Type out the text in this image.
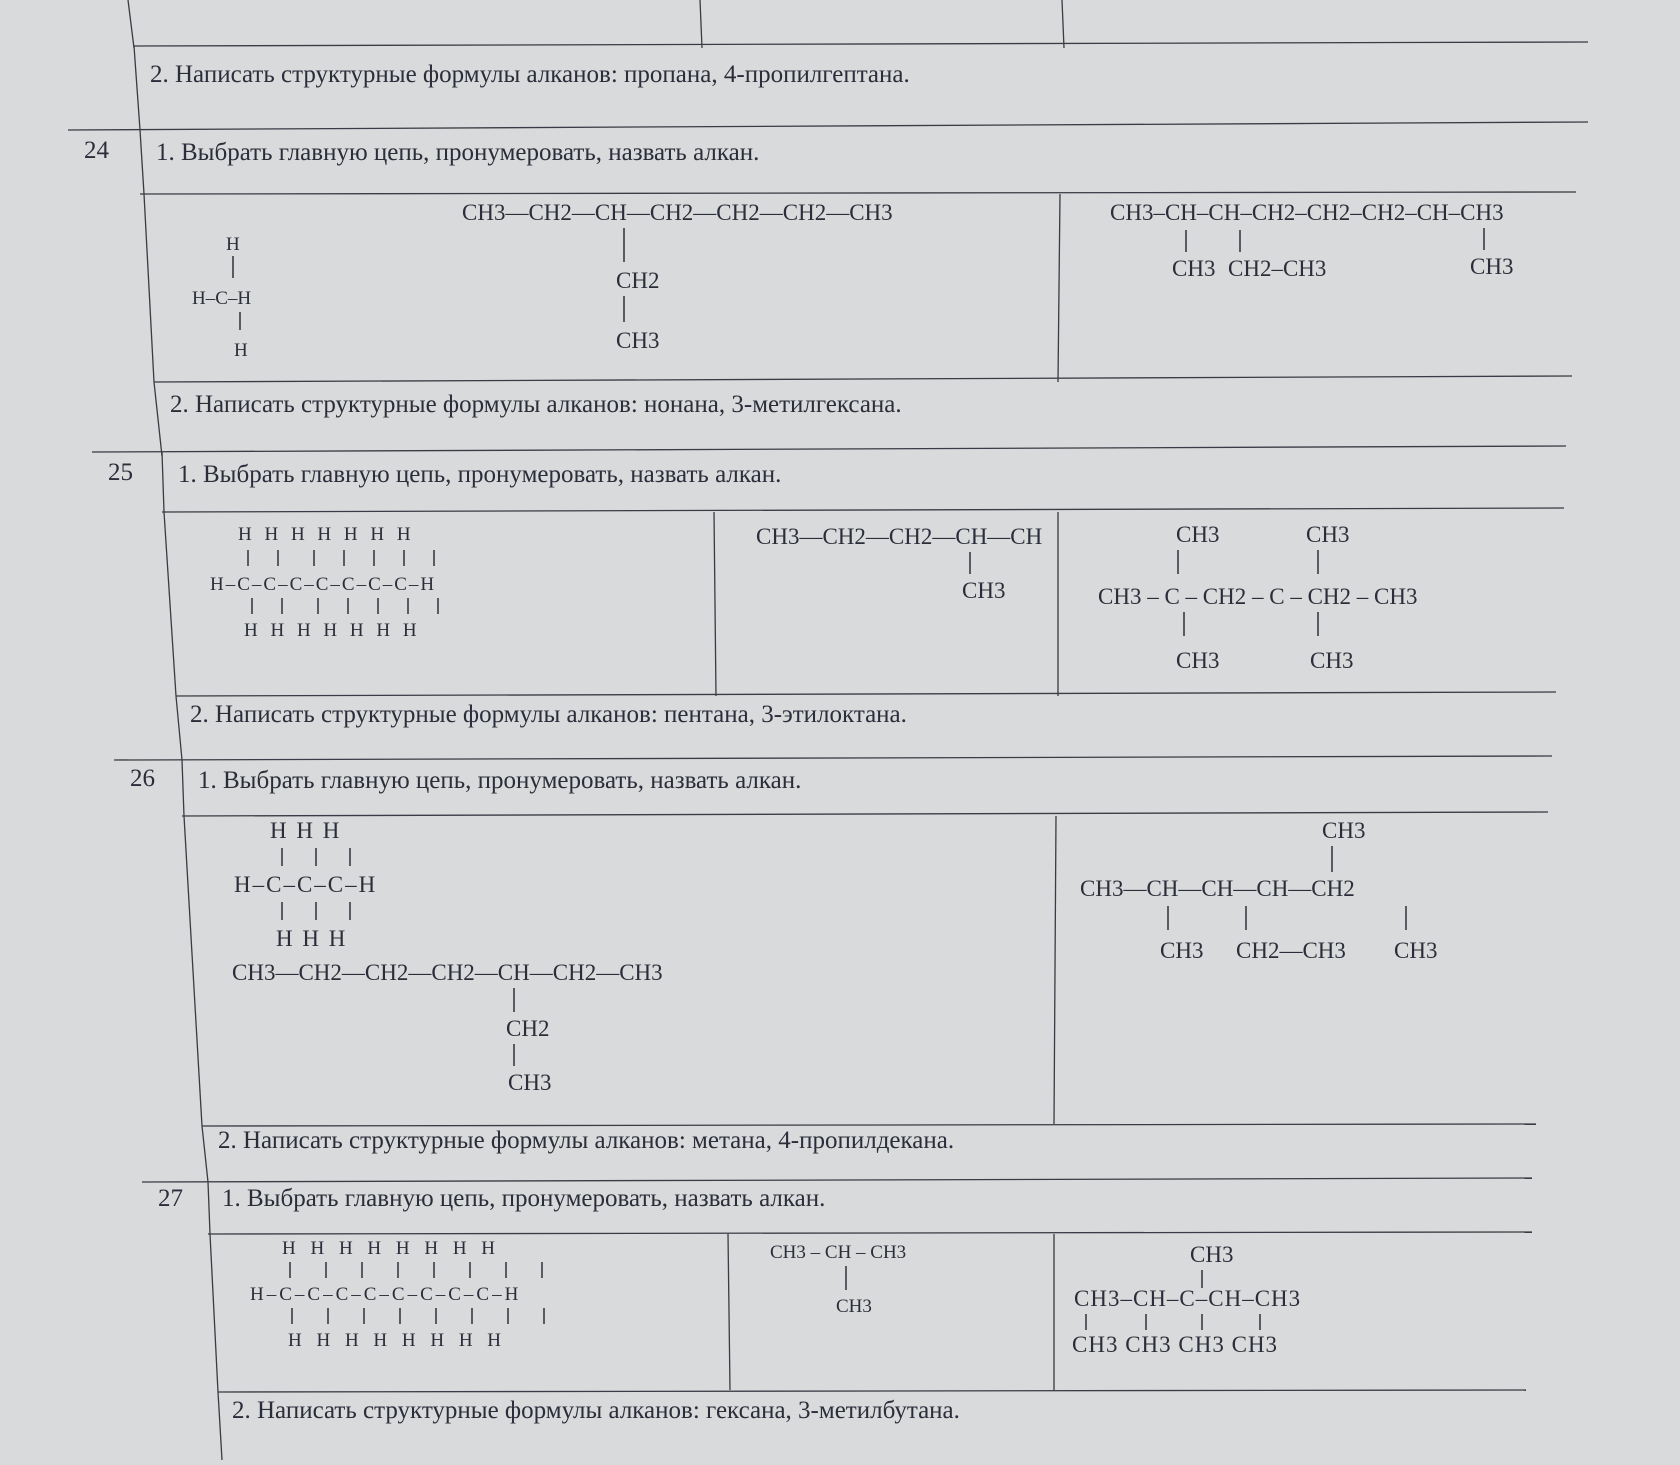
2. Написать структурные формулы алканов: пропана, 4-пропилгептана.
24 1. Выбрать главную цепь, пронумеровать, назвать алкан.
2. Написать структурные формулы алканов: нонана, 3-метилгексана.
25 1. Выбрать главную цепь, пронумеровать, назвать алкан.
2. Написать структурные формулы алканов: пентана, 3-этилоктана.
26 1. Выбрать главную цепь, пронумеровать, назвать алкан.
2. Написать структурные формулы алканов: метана, 4-пропилдекана.
27 1. Выбрать главную цепь, пронумеровать, назвать алкан.
2. Написать структурные формулы алканов: гексана, 3-метилбутана.
H
H–C–H
H
CH3—CH2—CH—CH2—CH2—CH2—CH3
CH2
CH3
CH3–CH–CH–CH2–CH2–CH2–CH–CH3
CH3 CH2–CH3	CH3
H H H H H H H
H–C–C–C–C–C–C–C–H
H H H H H H H
CH3—CH2—CH2—CH—CH
CH3
CH3	CH3
CH3 – C – CH2 – C – CH2 – CH3
CH3	CH3
H H H
H–C–C–C–H
H H H
CH3—CH2—CH2—CH2—CH—CH2—CH3
CH2
CH3
CH3
CH3—CH—CH—CH—CH2
CH3 CH2—CH3 CH3
H H H H H H H H
H–C–C–C–C–C–C–C–C–H
H H H H H H H H
CH3 – CH – CH3
CH3
CH3
CH3–CH–C–CH–CH3
CH3 CH3 CH3 CH3
